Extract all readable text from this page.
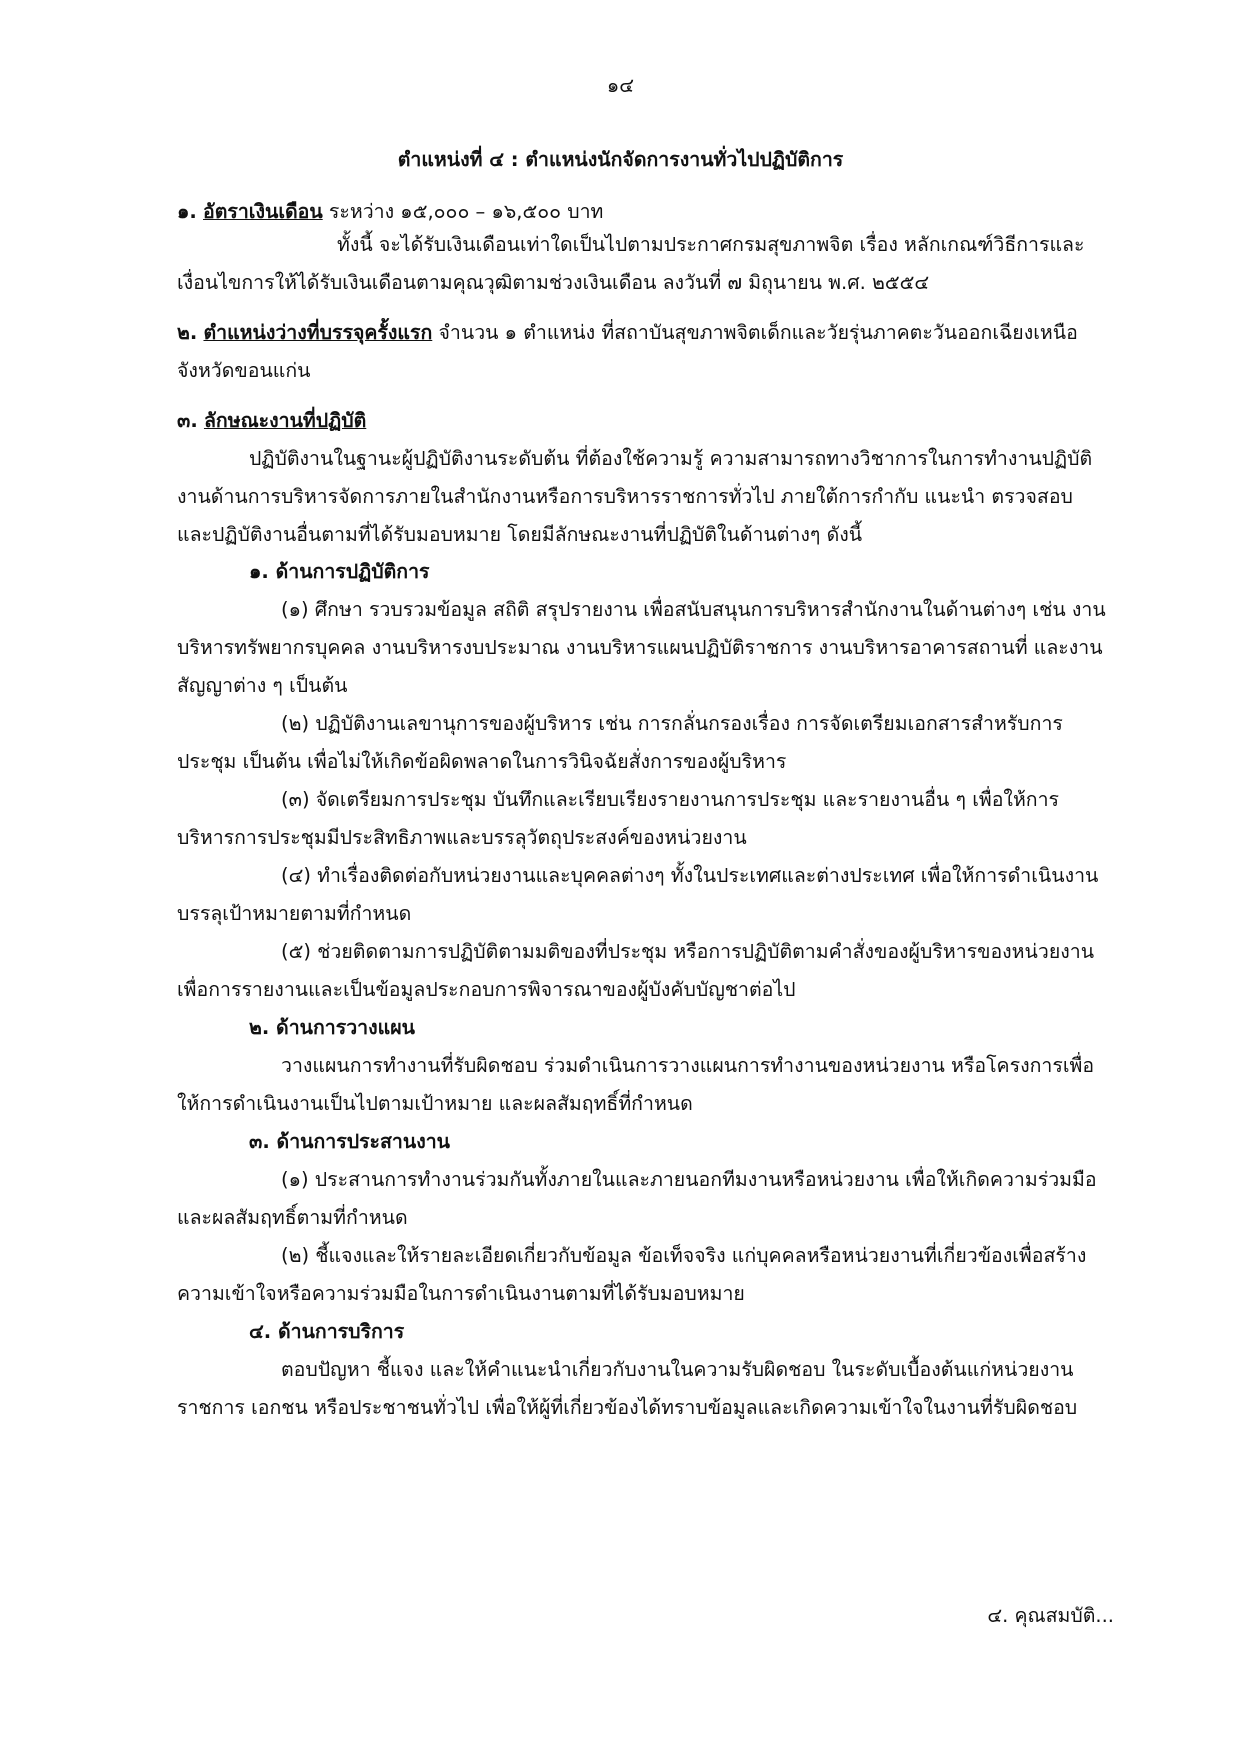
๑๔
ตำแหน่งที่ ๔ : ตำแหน่งนักจัดการงานทั่วไปปฏิบัติการ

๑. อัตราเงินเดือน ระหว่าง ๑๕,๐๐๐ – ๑๖,๕๐๐ บาท

ทั้งนี้ จะได้รับเงินเดือนเท่าใดเป็นไปตามประกาศกรมสุขภาพจิต เรื่อง หลักเกณฑ์วิธีการและเงื่อนไขการให้ได้รับเงินเดือนตามคุณวุฒิตามช่วงเงินเดือน ลงวันที่ ๗ มิถุนายน พ.ศ. ๒๕๕๔

๒. ตำแหน่งว่างที่บรรจุครั้งแรก จำนวน ๑ ตำแหน่ง ที่สถาบันสุขภาพจิตเด็กและวัยรุ่นภาคตะวันออกเฉียงเหนือ จังหวัดขอนแก่น

๓. ลักษณะงานที่ปฏิบัติ

ปฏิบัติงานในฐานะผู้ปฏิบัติงานระดับต้น ที่ต้องใช้ความรู้ ความสามารถทางวิชาการในการทำงานปฏิบัติงานด้านการบริหารจัดการภายในสำนักงานหรือการบริหารราชการทั่วไป ภายใต้การกำกับ แนะนำ ตรวจสอบ และปฏิบัติงานอื่นตามที่ได้รับมอบหมาย โดยมีลักษณะงานที่ปฏิบัติในด้านต่างๆ ดังนี้

๑. ด้านการปฏิบัติการ

(๑) ศึกษา รวบรวมข้อมูล สถิติ สรุปรายงาน เพื่อสนับสนุนการบริหารสำนักงานในด้านต่างๆ เช่น งานบริหารทรัพยากรบุคคล งานบริหารงบประมาณ งานบริหารแผนปฏิบัติราชการ งานบริหารอาคารสถานที่ และงานสัญญาต่าง ๆ เป็นต้น

(๒) ปฏิบัติงานเลขานุการของผู้บริหาร เช่น การกลั่นกรองเรื่อง การจัดเตรียมเอกสารสำหรับการประชุม เป็นต้น เพื่อไม่ให้เกิดข้อผิดพลาดในการวินิจฉัยสั่งการของผู้บริหาร

(๓) จัดเตรียมการประชุม บันทึกและเรียบเรียงรายงานการประชุม และรายงานอื่น ๆ เพื่อให้การบริหารการประชุมมีประสิทธิภาพและบรรลุวัตถุประสงค์ของหน่วยงาน

(๔) ทำเรื่องติดต่อกับหน่วยงานและบุคคลต่างๆ ทั้งในประเทศและต่างประเทศ เพื่อให้การดำเนินงานบรรลุเป้าหมายตามที่กำหนด

(๕) ช่วยติดตามการปฏิบัติตามมติของที่ประชุม หรือการปฏิบัติตามคำสั่งของผู้บริหารของหน่วยงานเพื่อการรายงานและเป็นข้อมูลประกอบการพิจารณาของผู้บังคับบัญชาต่อไป

๒. ด้านการวางแผน

วางแผนการทำงานที่รับผิดชอบ ร่วมดำเนินการวางแผนการทำงานของหน่วยงาน หรือโครงการเพื่อให้การดำเนินงานเป็นไปตามเป้าหมาย และผลสัมฤทธิ์ที่กำหนด

๓. ด้านการประสานงาน

(๑) ประสานการทำงานร่วมกันทั้งภายในและภายนอกทีมงานหรือหน่วยงาน เพื่อให้เกิดความร่วมมือและผลสัมฤทธิ์ตามที่กำหนด

(๒) ชี้แจงและให้รายละเอียดเกี่ยวกับข้อมูล ข้อเท็จจริง แก่บุคคลหรือหน่วยงานที่เกี่ยวข้องเพื่อสร้างความเข้าใจหรือความร่วมมือในการดำเนินงานตามที่ได้รับมอบหมาย

๔. ด้านการบริการ

ตอบปัญหา ชี้แจง และให้คำแนะนำเกี่ยวกับงานในความรับผิดชอบ ในระดับเบื้องต้นแก่หน่วยงานราชการ เอกชน หรือประชาชนทั่วไป เพื่อให้ผู้ที่เกี่ยวข้องได้ทราบข้อมูลและเกิดความเข้าใจในงานที่รับผิดชอบ

๔. คุณสมบัติ...
